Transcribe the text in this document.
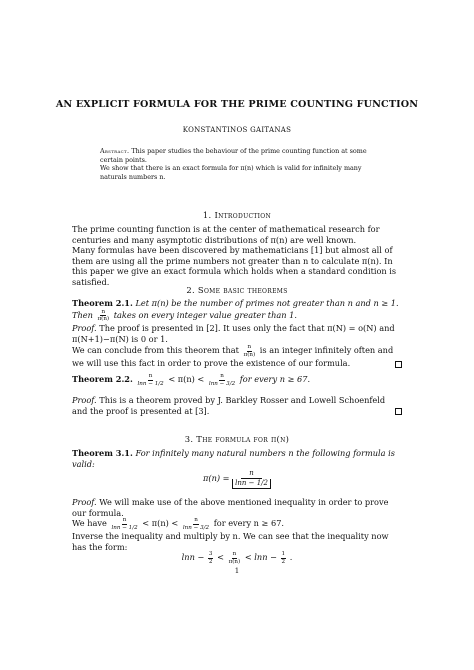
AN EXPLICIT FORMULA FOR THE PRIME COUNTING FUNCTION
KONSTANTINOS GAITANAS
Abstract. This paper studies the behaviour of the prime counting function at some certain points.
We show that there is an exact formula for π(n) which is valid for infinitely many naturals numbers n.
1. Introduction

The prime counting function is at the center of mathematical research for centuries and many asymptotic distributions of π(n) are well known.

Many formulas have been discovered by mathematicians [1] but almost all of them are using all the prime numbers not greater than n to calculate π(n). In this paper we give an exact formula which holds when a standard condition is satisfied.

2. Some basic theorems
Theorem 2.1. Let π(n) be the number of primes not greater than n and n ≥ 1.
Then $\frac{n}{\pi(n)}$ takes on every integer value greater than 1.
Proof. The proof is presented in [2]. It uses only the fact that π(N) = o(N) and π(N+1)−π(N) is 0 or 1.
We can conclude from this theorem that $\frac{n}{\pi(n)}$ is an integer infinitely often and we will use this fact in order to prove the existence of our formula.
Theorem 2.2. $\frac{n}{\ln n - 1/2} < \pi(n) < \frac{n}{\ln n - 3/2}$ for every n ≥ 67.
Proof. This is a theorem proved by J. Barkley Rosser and Lowell Schoenfeld and the proof is presented at [3].
3. The formula for π(n)
Theorem 3.1. For infinitely many natural numbers n the following formula is valid:
$\pi(n) = \frac{n}{\ln n - 1/2}$
Proof. We will make use of the above mentioned inequality in order to prove our formula.
We have $\frac{n}{\ln n - 1/2} < \pi(n) < \frac{n}{\ln n - 3/2}$ for every n ≥ 67.
Inverse the inequality and multiply by n. We can see that the inequality now has the form:
$\ln n - \frac{3}{2} < \frac{n}{\pi(n)} < \ln n - \frac{1}{2}$ .
1
